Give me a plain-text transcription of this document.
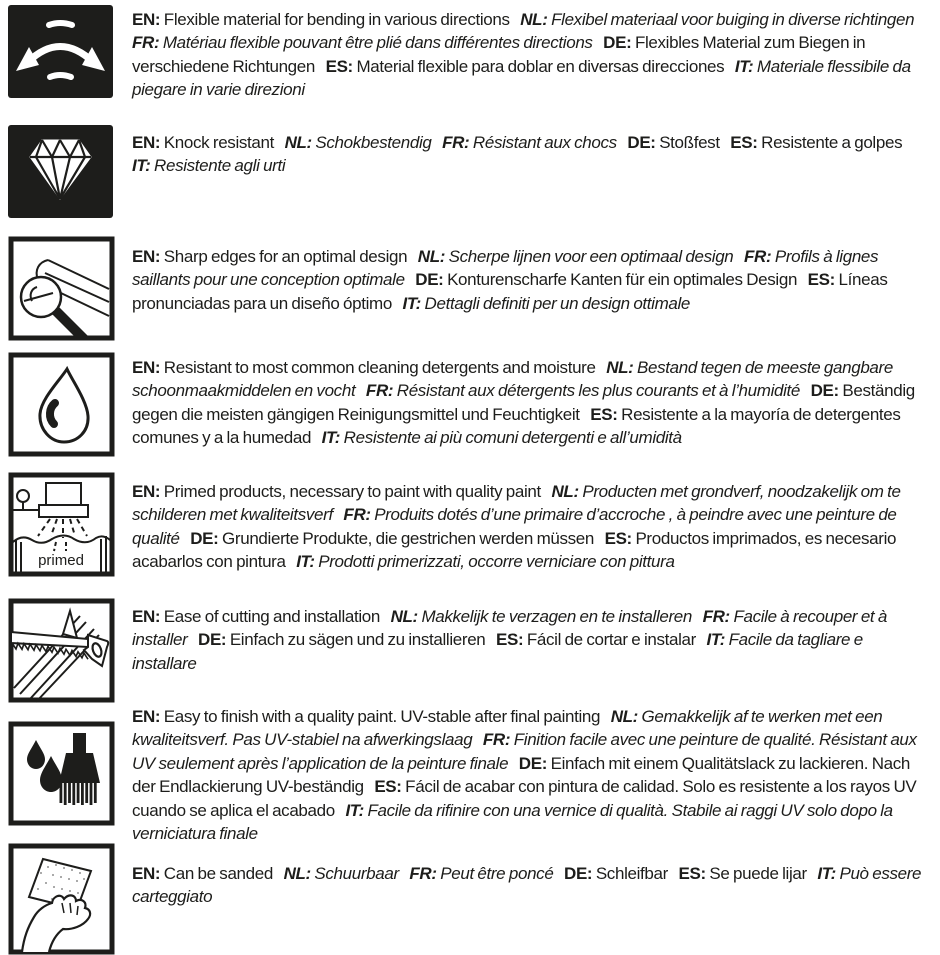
EN: Flexible material for bending in various directions NL: Flexibel materiaal voor buiging in diverse richtingen FR: Matériau flexible pouvant être plié dans différentes directions DE: Flexibles Material zum Biegen in verschiedene Richtungen ES: Material flexible para doblar en diversas direcciones IT: Materiale flessibile da piegare in varie direzioni

EN: Knock resistant NL: Schokbestendig FR: Résistant aux chocs DE: Stoßfest ES: Resistente a golpes IT: Resistente agli urti

EN: Sharp edges for an optimal design NL: Scherpe lijnen voor een optimaal design FR: Profils à lignes saillants pour une conception optimale DE: Konturenscharfe Kanten für ein optimales Design ES: Líneas pronunciadas para un diseño óptimo IT: Dettagli definiti per un design ottimale

EN: Resistant to most common cleaning detergents and moisture NL: Bestand tegen de meeste gangbare schoonmaakmiddelen en vocht FR: Résistant aux détergents les plus courants et à l’humidité DE: Beständig gegen die meisten gängigen Reinigungsmittel und Feuchtigkeit ES: Resistente a la mayoría de detergentes comunes y a la humedad IT: Resistente ai più comuni detergenti e all’umidità

primed

EN: Primed products, necessary to paint with quality paint NL: Producten met grondverf, noodzakelijk om te schilderen met kwaliteitsverf FR: Produits dotés d’une primaire d’accroche , à peindre avec une peinture de qualité DE: Grundierte Produkte, die gestrichen werden müssen ES: Productos imprimados, es necesario acabarlos con pintura IT: Prodotti primerizzati, occorre verniciare con pittura

EN: Ease of cutting and installation NL: Makkelijk te verzagen en te installeren FR: Facile à recouper et à installer DE: Einfach zu sägen und zu installieren ES: Fácil de cortar e instalar IT: Facile da tagliare e installare

EN: Easy to finish with a quality paint. UV-stable after final painting NL: Gemakkelijk af te werken met een kwaliteitsverf. Pas UV-stabiel na afwerkingslaag FR: Finition facile avec une peinture de qualité. Résistant aux UV seulement après l’application de la peinture finale DE: Einfach mit einem Qualitätslack zu lackieren. Nach der Endlackierung UV-beständig ES: Fácil de acabar con pintura de calidad. Solo es resistente a los rayos UV cuando se aplica el acabado IT: Facile da rifinire con una vernice di qualità. Stabile ai raggi UV solo dopo la verniciatura finale

EN: Can be sanded NL: Schuurbaar FR: Peut être poncé DE: Schleifbar ES: Se puede lijar IT: Può essere carteggiato
